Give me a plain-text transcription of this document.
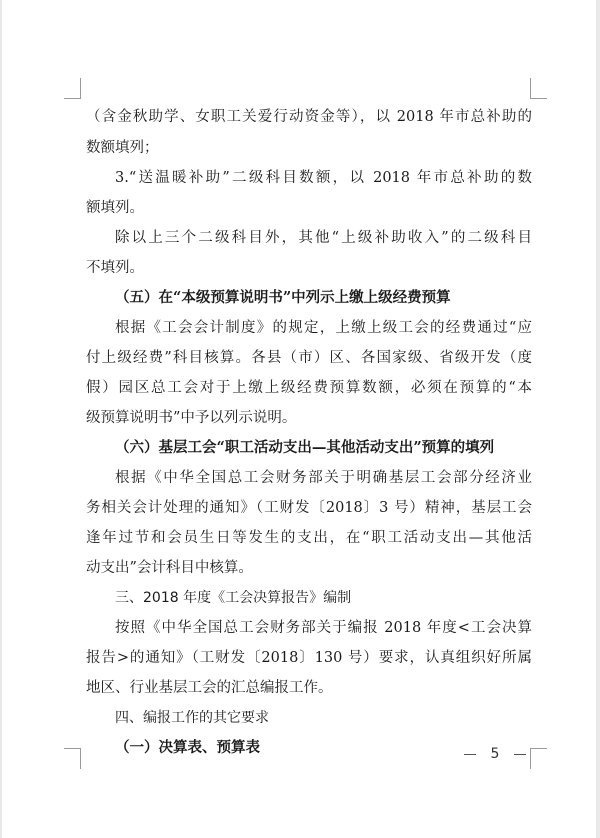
（含金秋助学、女职工关爱行动资金等），以 2018 年市总补助的
数额填列；
3.“送温暖补助”二级科目数额，以 2018 年市总补助的数
额填列。
除以上三个二级科目外，其他“上级补助收入”的二级科目
不填列。
（五）在“本级预算说明书”中列示上缴上级经费预算
根据《工会会计制度》的规定，上缴上级工会的经费通过“应
付上级经费”科目核算。各县（市）区、各国家级、省级开发（度
假）园区总工会对于上缴上级经费预算数额，必须在预算的“本
级预算说明书”中予以列示说明。
（六）基层工会“职工活动支出—其他活动支出”预算的填列
根据《中华全国总工会财务部关于明确基层工会部分经济业
务相关会计处理的通知》（工财发〔2018〕3 号）精神，基层工会
逢年过节和会员生日等发生的支出，在“职工活动支出—其他活
动支出”会计科目中核算。
三、2018 年度《工会决算报告》编制
按照《中华全国总工会财务部关于编报 2018 年度<工会决算
报告>的通知》（工财发〔2018〕130 号）要求，认真组织好所属
地区、行业基层工会的汇总编报工作。
四、编报工作的其它要求
（一）决算表、预算表	5
